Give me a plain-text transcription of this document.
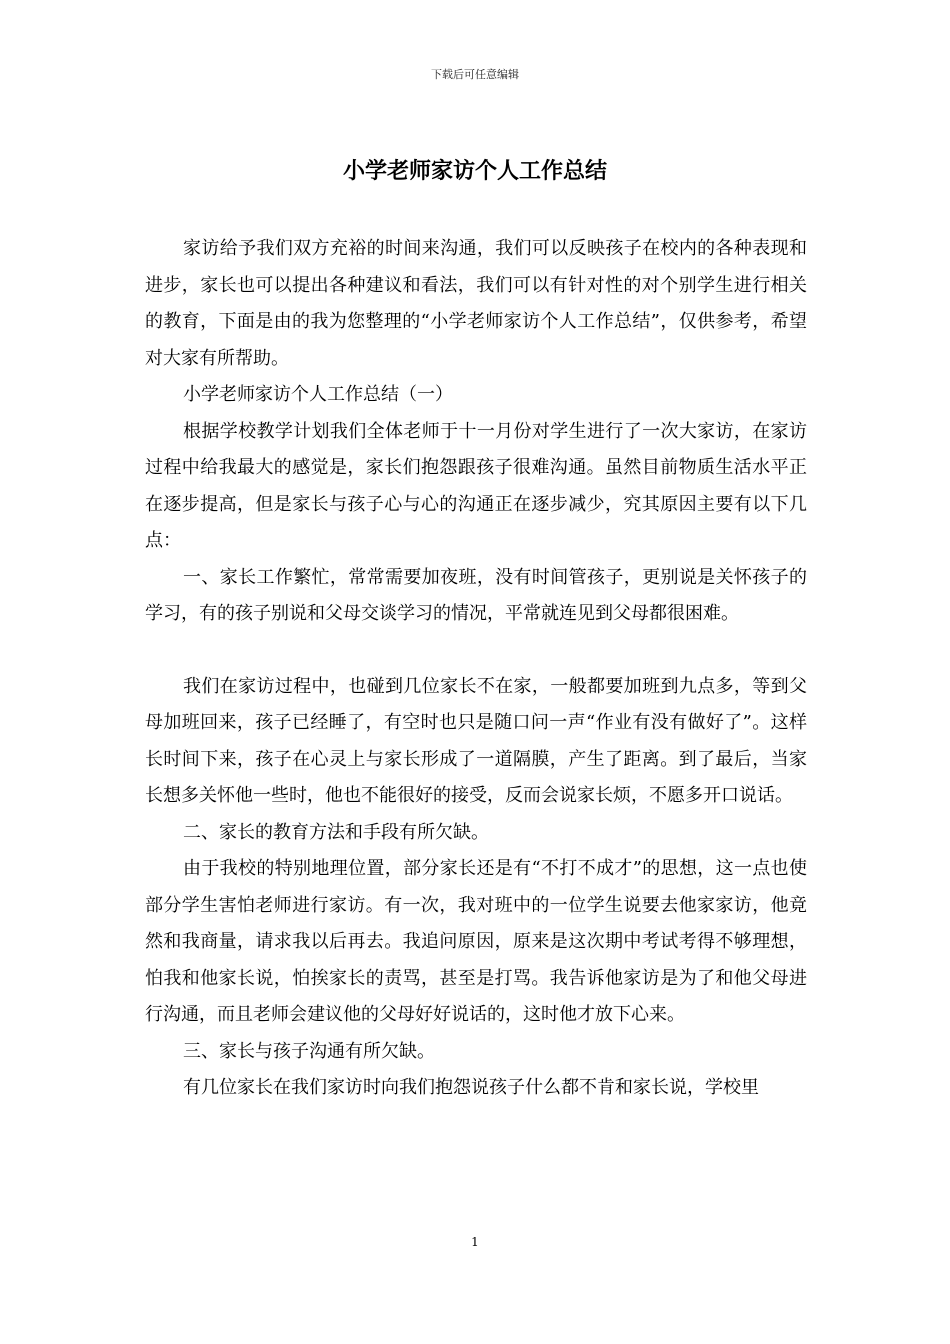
下载后可任意编辑
小学老师家访个人工作总结

家访给予我们双方充裕的时间来沟通，我们可以反映孩子在校内的各种表现和进步，家长也可以提出各种建议和看法，我们可以有针对性的对个别学生进行相关的教育，下面是由的我为您整理的“小学老师家访个人工作总结”，仅供参考，希望对大家有所帮助。

小学老师家访个人工作总结（一）

根据学校教学计划我们全体老师于十一月份对学生进行了一次大家访，在家访过程中给我最大的感觉是，家长们抱怨跟孩子很难沟通。虽然目前物质生活水平正在逐步提高，但是家长与孩子心与心的沟通正在逐步减少，究其原因主要有以下几点：

一、家长工作繁忙，常常需要加夜班，没有时间管孩子，更别说是关怀孩子的学习，有的孩子别说和父母交谈学习的情况，平常就连见到父母都很困难。

我们在家访过程中，也碰到几位家长不在家，一般都要加班到九点多，等到父母加班回来，孩子已经睡了，有空时也只是随口问一声“作业有没有做好了”。这样长时间下来，孩子在心灵上与家长形成了一道隔膜，产生了距离。到了最后，当家长想多关怀他一些时，他也不能很好的接受，反而会说家长烦，不愿多开口说话。

二、家长的教育方法和手段有所欠缺。

由于我校的特别地理位置，部分家长还是有“不打不成才”的思想，这一点也使部分学生害怕老师进行家访。有一次，我对班中的一位学生说要去他家家访，他竟然和我商量，请求我以后再去。我追问原因，原来是这次期中考试考得不够理想，怕我和他家长说，怕挨家长的责骂，甚至是打骂。我告诉他家访是为了和他父母进行沟通，而且老师会建议他的父母好好说话的，这时他才放下心来。

三、家长与孩子沟通有所欠缺。

有几位家长在我们家访时向我们抱怨说孩子什么都不肯和家长说，学校里

1
